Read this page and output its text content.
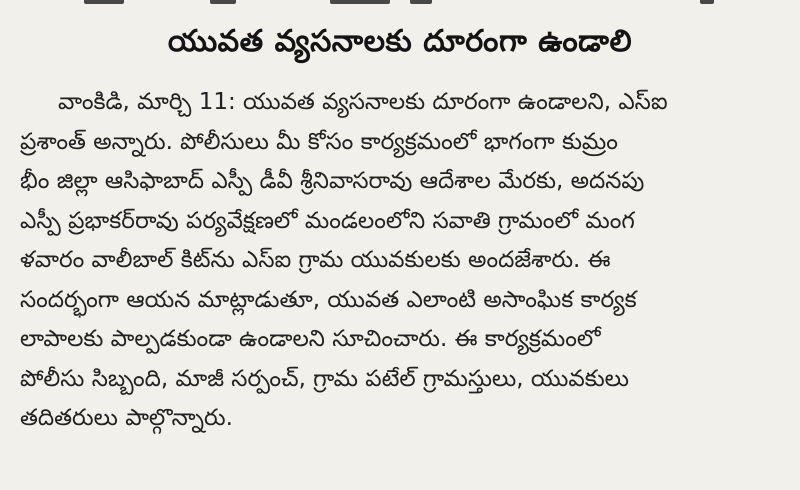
యువత వ్యసనాలకు దూరంగా ఉండాలి
వాంకిడి, మార్చి 11: యువత వ్యసనాలకు దూరంగా ఉండాలని, ఎస్ఐ
ప్రశాంత్ అన్నారు. పోలీసులు మీ కోసం కార్యక్రమంలో భాగంగా కుమ్రం
భీం జిల్లా ఆసిఫాబాద్ ఎస్పీ డీవీ శ్రీనివాసరావు ఆదేశాల మేరకు, అదనపు
ఎస్పీ ప్రభాకర్‌రావు పర్యవేక్షణలో మండలంలోని సవాతి గ్రామంలో మంగ
ళవారం వాలీబాల్ కిట్‌ను ఎస్ఐ గ్రామ యువకులకు అందజేశారు. ఈ
సందర్భంగా ఆయన మాట్లాడుతూ, యువత ఎలాంటి అసాంఘిక కార్యక
లాపాలకు పాల్పడకుండా ఉండాలని సూచించారు. ఈ కార్యక్రమంలో
పోలీసు సిబ్బంది, మాజీ సర్పంచ్, గ్రామ పటేల్ గ్రామస్తులు, యువకులు
తదితరులు పాల్గొన్నారు.
